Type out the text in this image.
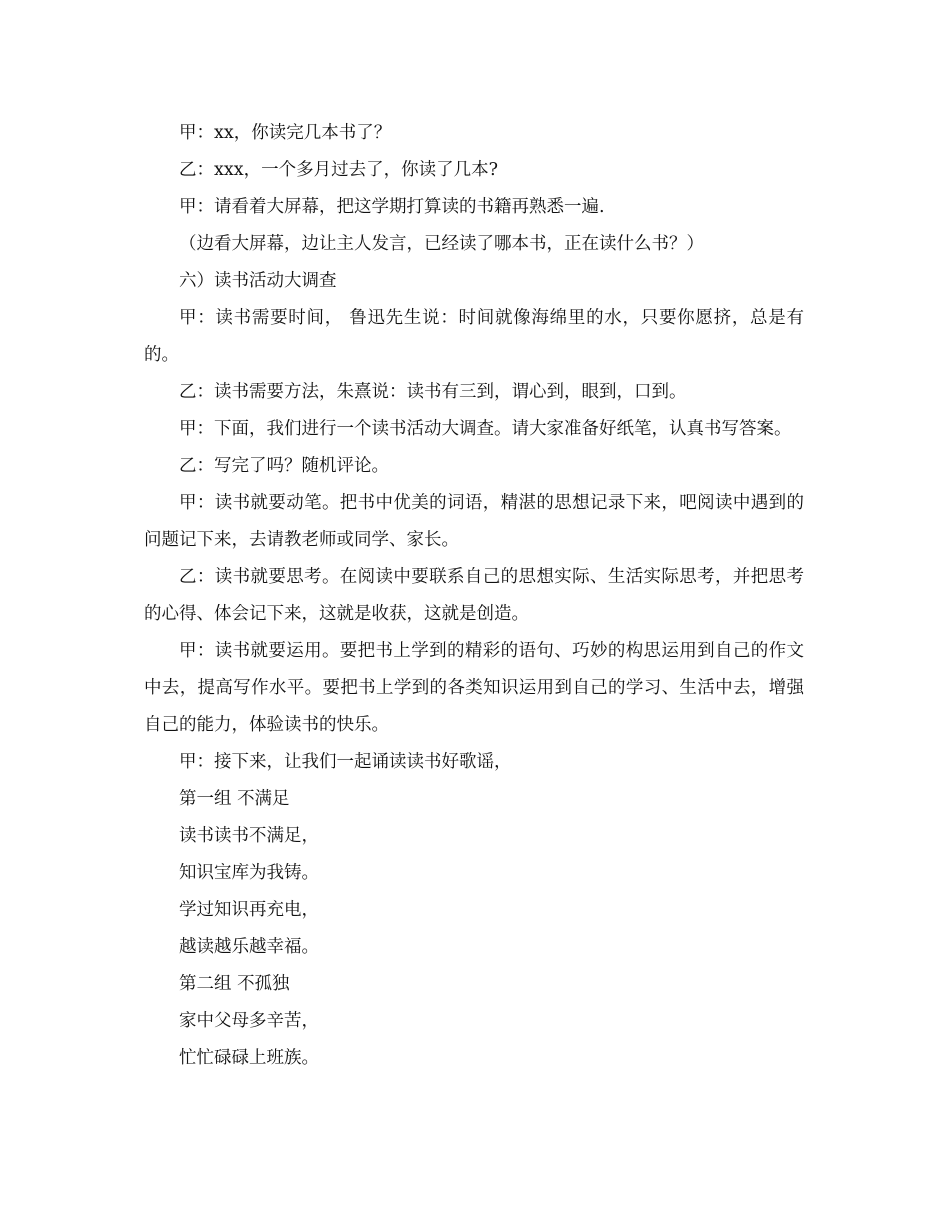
甲：xx，你读完几本书了？

乙：xxx，一个多月过去了，你读了几本?

甲：请看着大屏幕，把这学期打算读的书籍再熟悉一遍.

（边看大屏幕，边让主人发言，已经读了哪本书，正在读什么书？）

六）读书活动大调查

甲：读书需要时间， 鲁迅先生说：时间就像海绵里的水，只要你愿挤，总是有的。

乙：读书需要方法，朱熹说：读书有三到，谓心到，眼到，口到。

甲：下面，我们进行一个读书活动大调查。请大家准备好纸笔，认真书写答案。

乙：写完了吗？随机评论。

甲：读书就要动笔。把书中优美的词语，精湛的思想记录下来，吧阅读中遇到的问题记下来，去请教老师或同学、家长。

乙：读书就要思考。在阅读中要联系自己的思想实际、生活实际思考，并把思考的心得、体会记下来，这就是收获，这就是创造。

甲：读书就要运用。要把书上学到的精彩的语句、巧妙的构思运用到自己的作文中去，提高写作水平。要把书上学到的各类知识运用到自己的学习、生活中去，增强自己的能力，体验读书的快乐。

甲：接下来，让我们一起诵读读书好歌谣，

第一组 不满足

读书读书不满足，

知识宝库为我铸。

学过知识再充电，

越读越乐越幸福。

第二组 不孤独

家中父母多辛苦，

忙忙碌碌上班族。
